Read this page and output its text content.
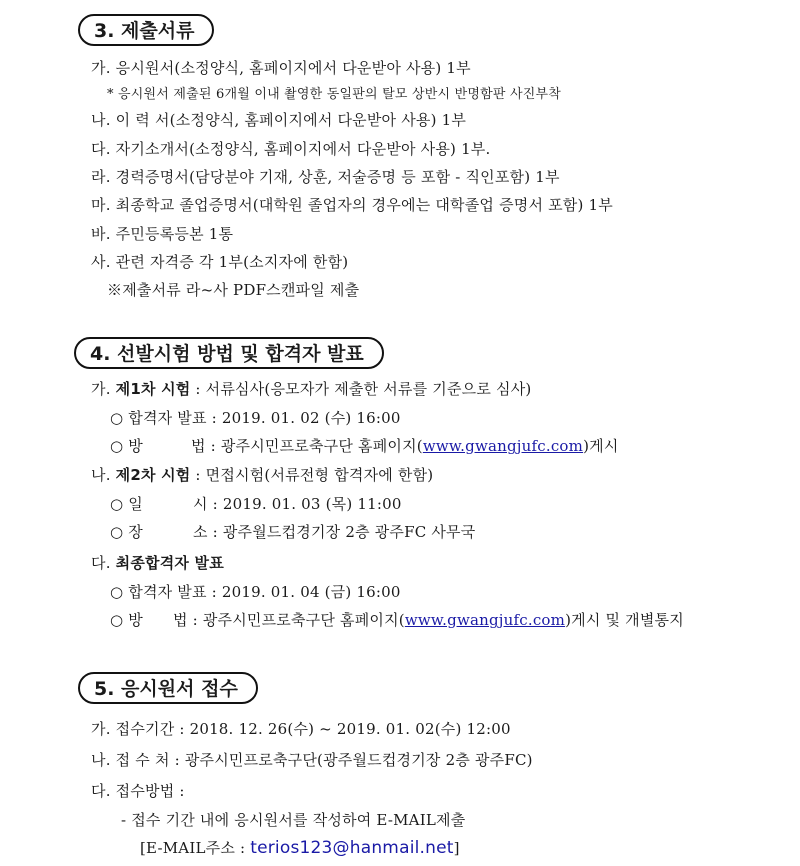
3. 제출서류
가. 응시원서(소정양식, 홈페이지에서 다운받아 사용) 1부
* 응시원서 제출된 6개월 이내 촬영한 동일판의 탈모 상반시 반명함판 사진부착
나. 이 력 서(소정양식, 홈페이지에서 다운받아 사용) 1부
다. 자기소개서(소정양식, 홈페이지에서 다운받아 사용) 1부.
라. 경력증명서(담당분야 기재, 상훈, 저술증명 등 포함 - 직인포함) 1부
마. 최종학교 졸업증명서(대학원 졸업자의 경우에는 대학졸업 증명서 포함) 1부
바. 주민등록등본 1통
사. 관련 자격증 각 1부(소지자에 한함)
※제출서류 라~사 PDF스캔파일 제출
4. 선발시험 방법 및 합격자 발표
가. 제1차 시험 : 서류심사(응모자가 제출한 서류를 기준으로 심사)
○ 합격자 발표 : 2019. 01. 02 (수) 16:00
○ 방	법 : 광주시민프로축구단 홈페이지(www.gwangjufc.com)게시
나. 제2차 시험 : 면접시험(서류전형 합격자에 한함)
○ 일	시 : 2019. 01. 03 (목) 11:00
○ 장	소 : 광주월드컵경기장 2층 광주FC 사무국
다. 최종합격자 발표
○ 합격자 발표 : 2019. 01. 04 (금) 16:00
○ 방 법 : 광주시민프로축구단 홈페이지(www.gwangjufc.com)게시 및 개별통지
5. 응시원서 접수
가. 접수기간 : 2018. 12. 26(수) ~ 2019. 01. 02(수) 12:00
나. 접 수 처 : 광주시민프로축구단(광주월드컵경기장 2층 광주FC)
다. 접수방법 :
- 접수 기간 내에 응시원서를 작성하여 E-MAIL제출
[E-MAIL주소 : terios123@hanmail.net]
